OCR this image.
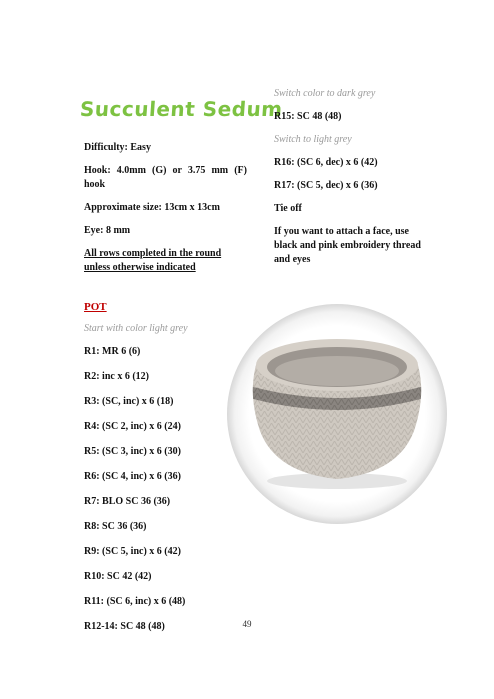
Succulent Sedum

Difficulty: Easy

Hook: 4.0mm (G) or 3.75 mm (F) hook

Approximate size: 13cm x 13cm

Eye: 8 mm

All rows completed in the round unless otherwise indicated

Switch color to dark grey

R15: SC 48 (48)

Switch to light grey

R16: (SC 6, dec) x 6 (42)

R17: (SC 5, dec) x 6 (36)

Tie off

If you want to attach a face, use black and pink embroidery thread and eyes

POT

Start with color light grey

R1: MR 6 (6)

R2: inc x 6 (12)

R3: (SC, inc) x 6 (18)

R4: (SC 2, inc) x 6 (24)

R5: (SC 3, inc) x 6 (30)

R6: (SC 4, inc) x 6 (36)

R7: BLO SC 36 (36)

R8: SC 36 (36)

R9: (SC 5, inc) x 6 (42)

R10: SC 42 (42)

R11: (SC 6, inc) x 6 (48)

R12-14: SC 48 (48)	49
